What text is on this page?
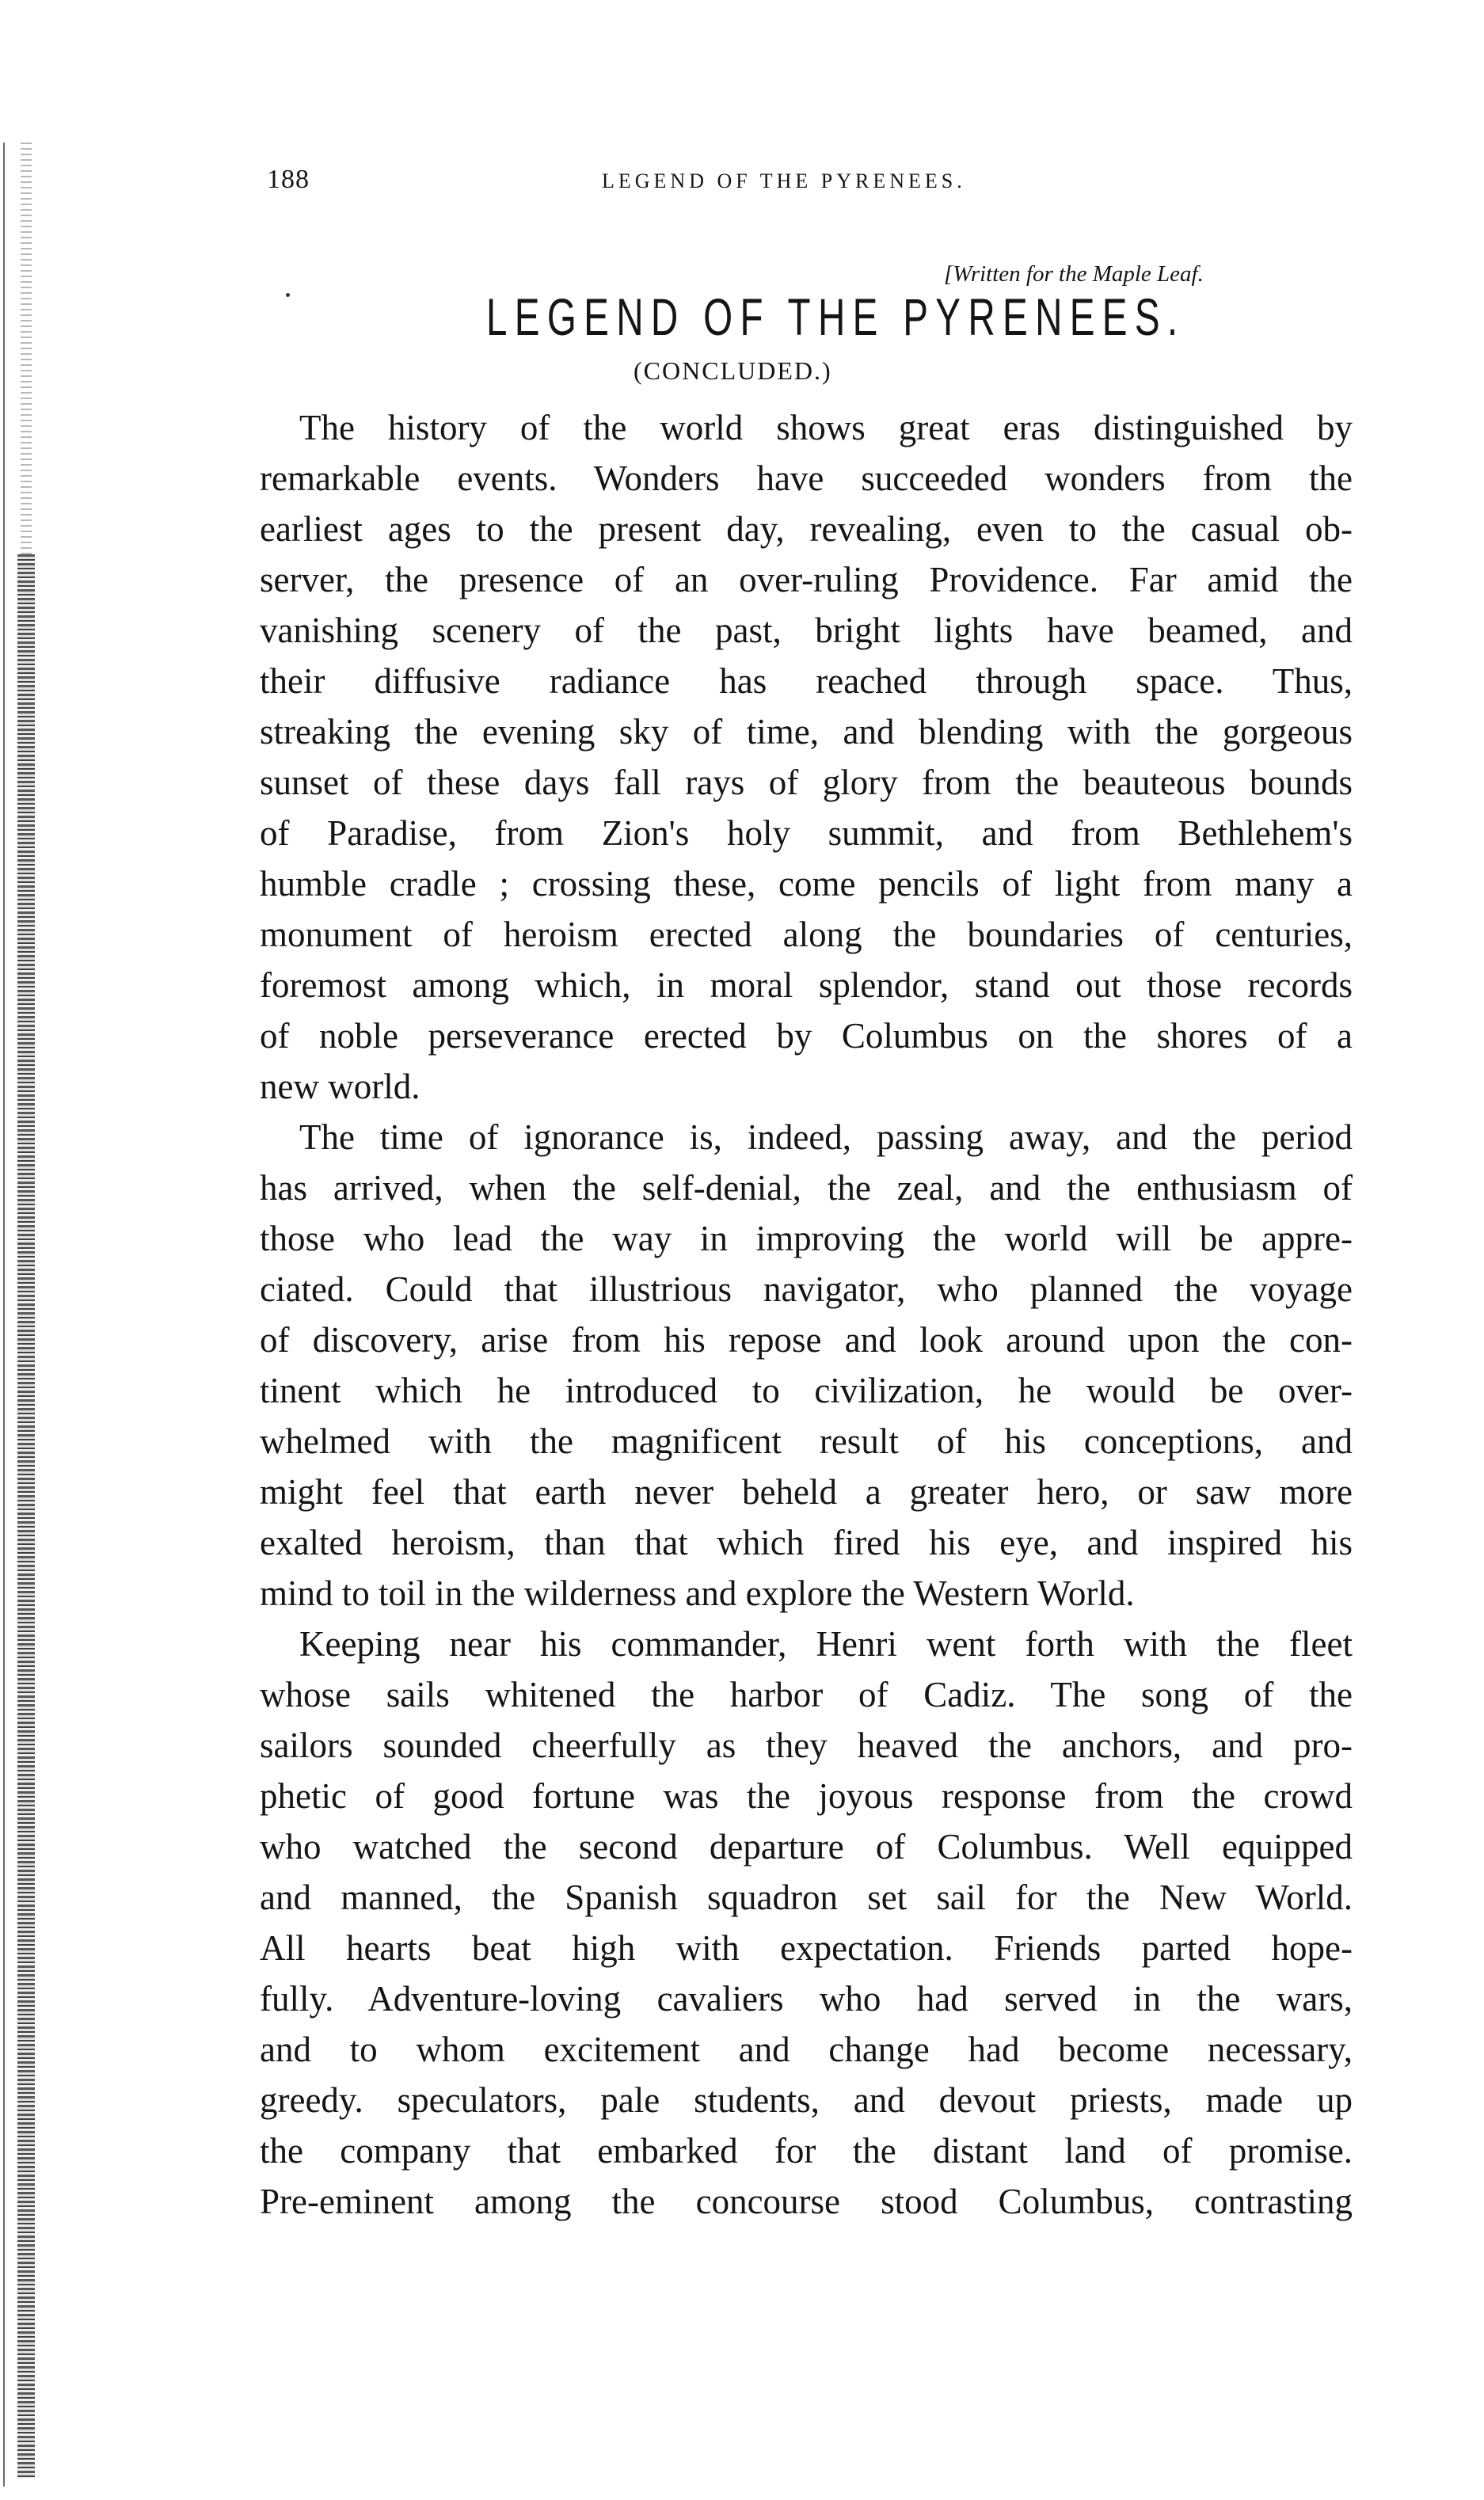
188	LEGEND OF THE PYRENEES.
[Written for the Maple Leaf.
LEGEND OF THE PYRENEES.
(CONCLUDED.)
The history of the world shows great eras distinguished by
remarkable events. Wonders have succeeded wonders from the
earliest ages to the present day, revealing, even to the casual ob-
server, the presence of an over-ruling Providence. Far amid the
vanishing scenery of the past, bright lights have beamed, and
their diffusive radiance has reached through space. Thus,
streaking the evening sky of time, and blending with the gorgeous
sunset of these days fall rays of glory from the beauteous bounds
of Paradise, from Zion's holy summit, and from Bethlehem's
humble cradle ; crossing these, come pencils of light from many a
monument of heroism erected along the boundaries of centuries,
foremost among which, in moral splendor, stand out those records
of noble perseverance erected by Columbus on the shores of a
new world.
The time of ignorance is, indeed, passing away, and the period
has arrived, when the self-denial, the zeal, and the enthusiasm of
those who lead the way in improving the world will be appre-
ciated. Could that illustrious navigator, who planned the voyage
of discovery, arise from his repose and look around upon the con-
tinent which he introduced to civilization, he would be over-
whelmed with the magnificent result of his conceptions, and
might feel that earth never beheld a greater hero, or saw more
exalted heroism, than that which fired his eye, and inspired his
mind to toil in the wilderness and explore the Western World.
Keeping near his commander, Henri went forth with the fleet
whose sails whitened the harbor of Cadiz. The song of the
sailors sounded cheerfully as they heaved the anchors, and pro-
phetic of good fortune was the joyous response from the crowd
who watched the second departure of Columbus. Well equipped
and manned, the Spanish squadron set sail for the New World.
All hearts beat high with expectation. Friends parted hope-
fully. Adventure-loving cavaliers who had served in the wars,
and to whom excitement and change had become necessary,
greedy. speculators, pale students, and devout priests, made up
the company that embarked for the distant land of promise.
Pre-eminent among the concourse stood Columbus, contrasting
